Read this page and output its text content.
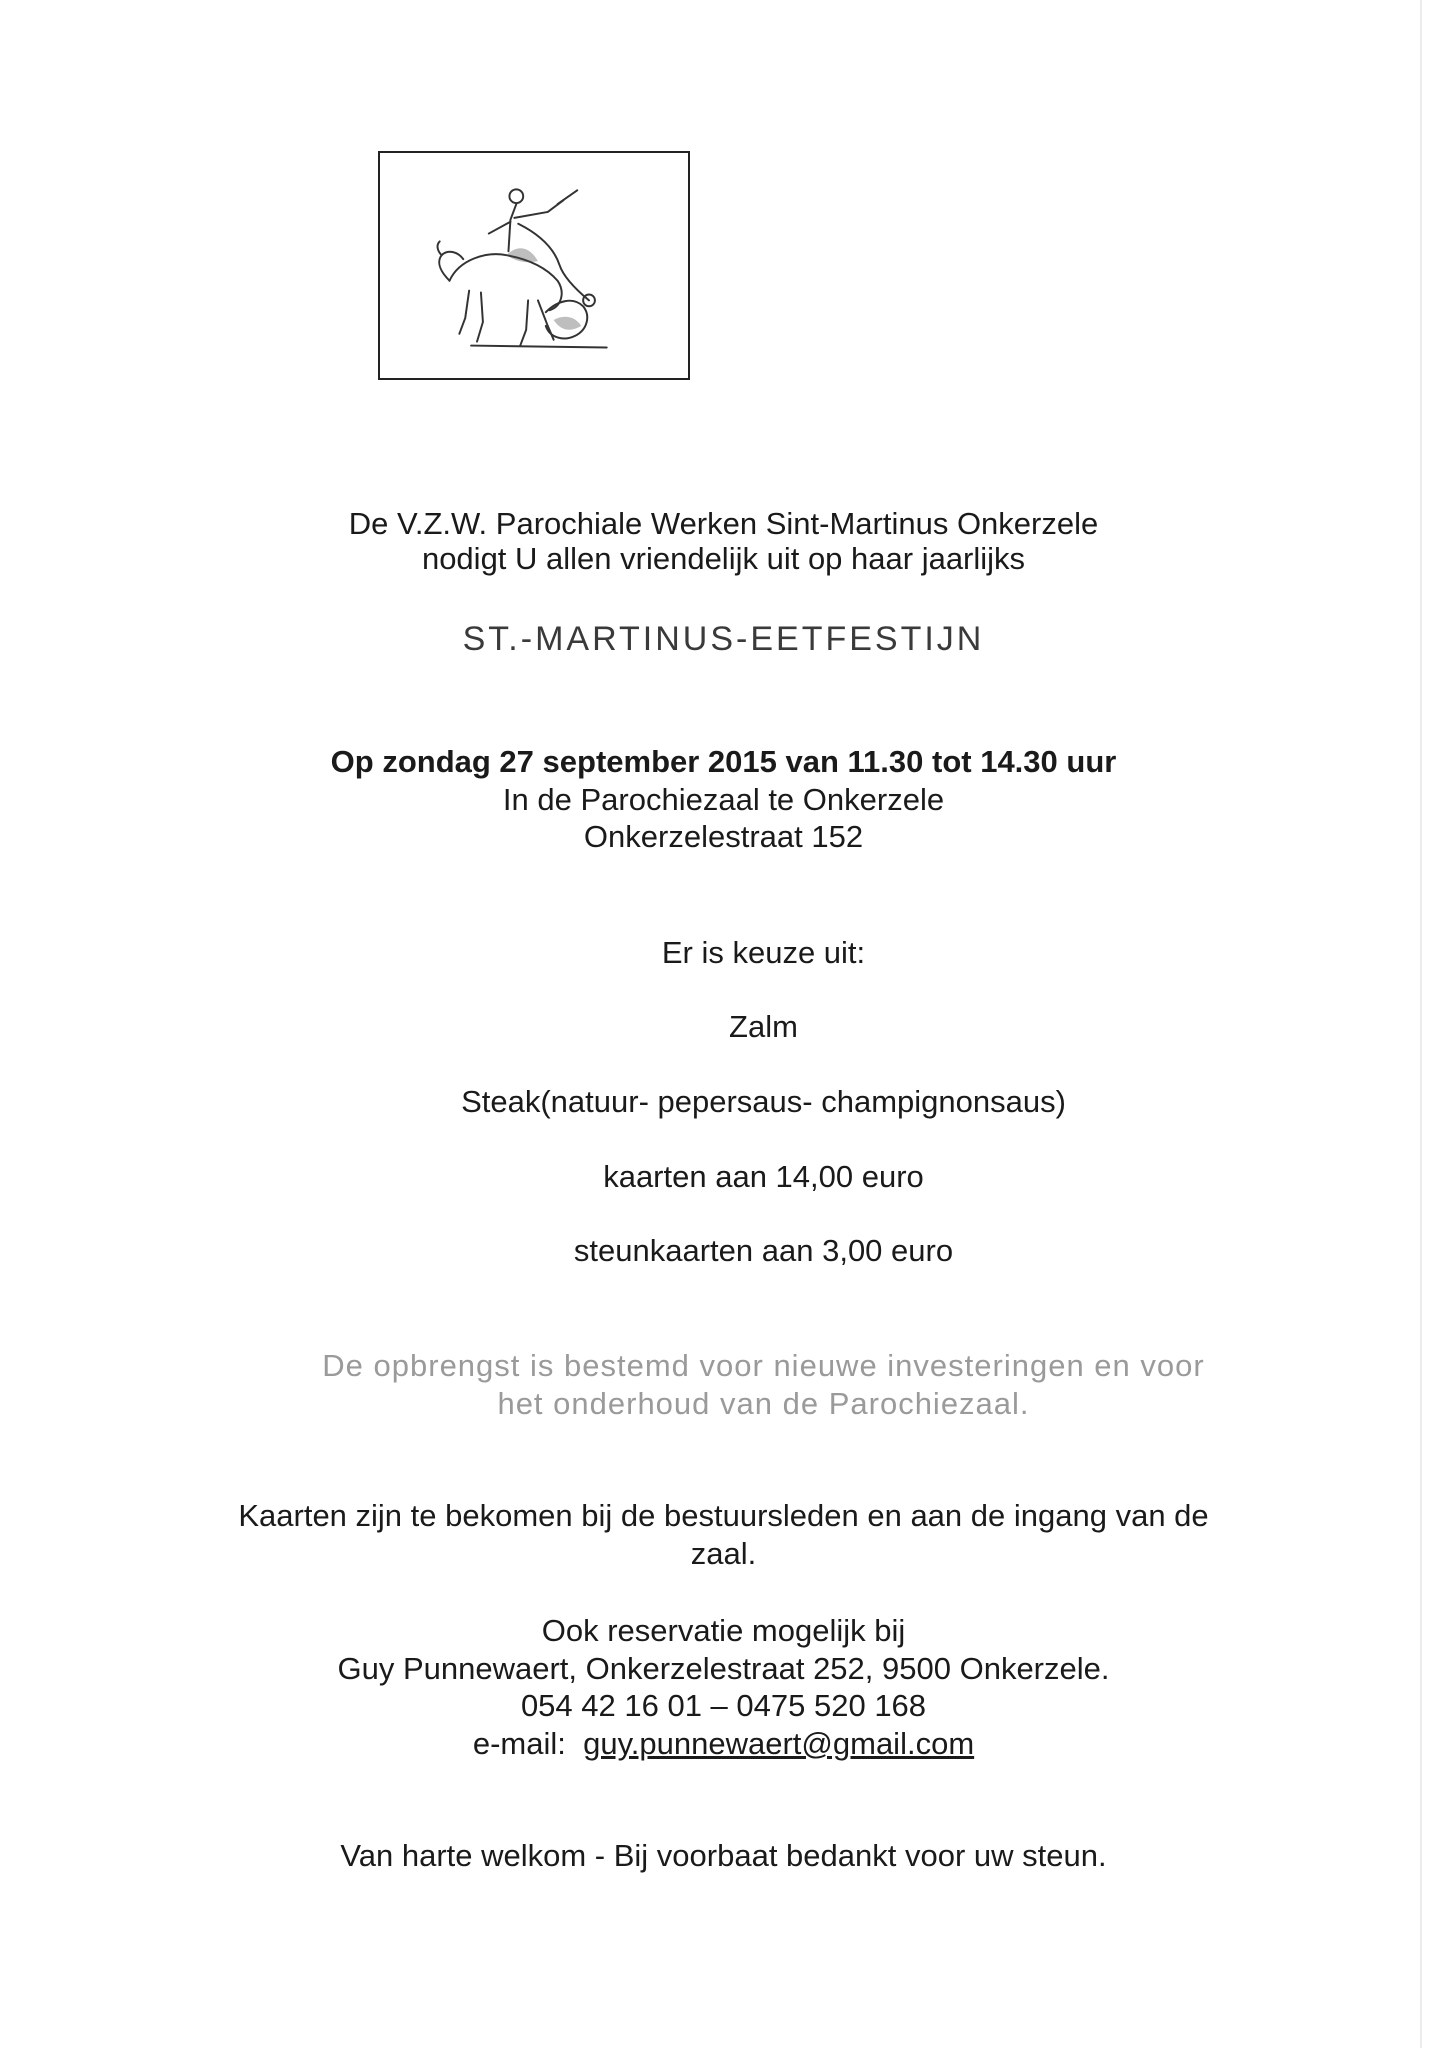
De V.Z.W. Parochiale Werken Sint-Martinus Onkerzele
nodigt U allen vriendelijk uit op haar jaarlijks
ST.-MARTINUS-EETFESTIJN
Op zondag 27 september 2015 van 11.30 tot 14.30 uur
In de Parochiezaal te Onkerzele
Onkerzelestraat 152
Er is keuze uit:
Zalm
Steak(natuur- pepersaus- champignonsaus)
kaarten aan 14,00 euro
steunkaarten aan 3,00 euro
De opbrengst is bestemd voor nieuwe investeringen en voor
het onderhoud van de Parochiezaal.
Kaarten zijn te bekomen bij de bestuursleden en aan de ingang van de
zaal.
Ook reservatie mogelijk bij
Guy Punnewaert, Onkerzelestraat 252, 9500 Onkerzele.
054 42 16 01 – 0475 520 168
e-mail: guy.punnewaert@gmail.com
Van harte welkom - Bij voorbaat bedankt voor uw steun.
